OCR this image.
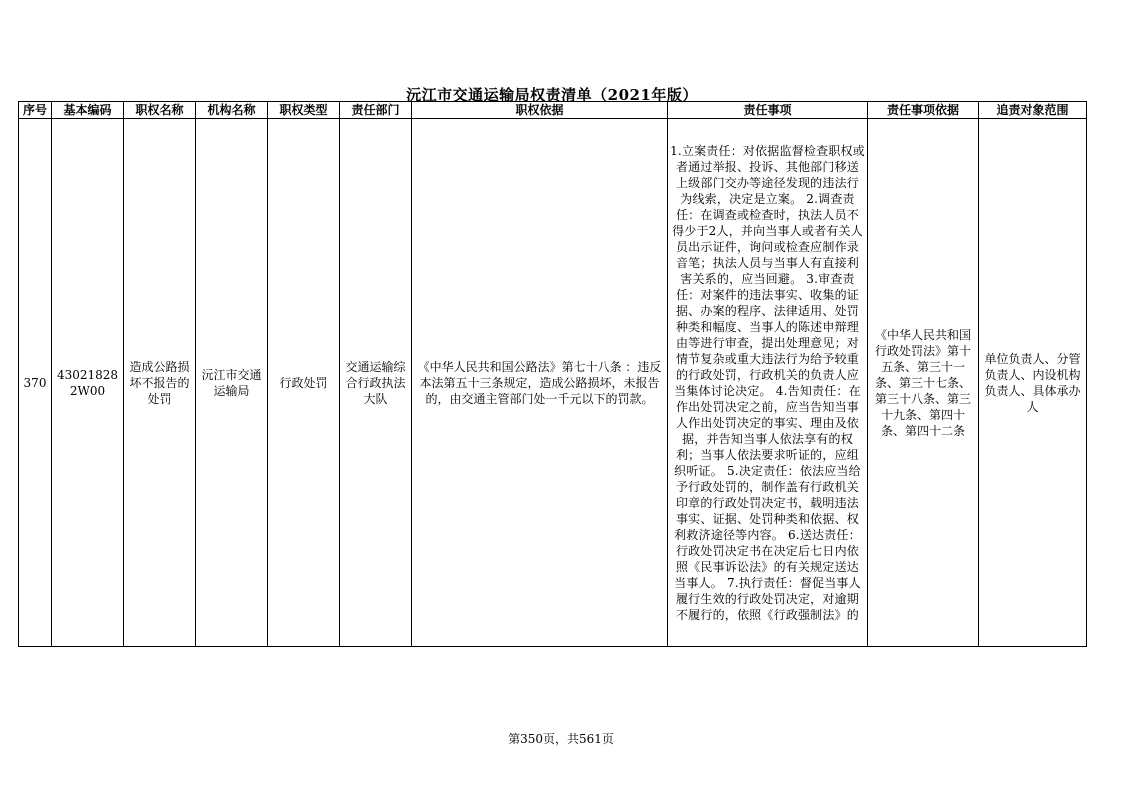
沅江市交通运输局权责清单（2021年版）
序号	基本编码	职权名称	机构名称	职权类型	责任部门	职权依据	责任事项	责任事项依据	追责对象范围
370	430218282W00	造成公路损坏不报告的处罚	沅江市交通运输局	行政处罚	交通运输综合行政执法大队	《中华人民共和国公路法》第七十八条 ：违反本法第五十三条规定，造成公路损坏，未报告的，由交通主管部门处一千元以下的罚款。	1.立案责任：对依据监督检查职权或者通过举报、投诉、其他部门移送上级部门交办等途径发现的违法行为线索，决定是立案。 2.调查责任：在调查或检查时，执法人员不得少于2人，并向当事人或者有关人员出示证件，询问或检查应制作录音笔；执法人员与当事人有直接利害关系的，应当回避。 3.审查责任：对案件的违法事实、收集的证据、办案的程序、法律适用、处罚种类和幅度、当事人的陈述申辩理由等进行审查，提出处理意见；对情节复杂或重大违法行为给予较重的行政处罚，行政机关的负责人应当集体讨论决定。 4.告知责任：在作出处罚决定之前，应当告知当事人作出处罚决定的事实、理由及依据，并告知当事人依法享有的权利；当事人依法要求听证的，应组织听证。 5.决定责任：依法应当给予行政处罚的，制作盖有行政机关印章的行政处罚决定书，载明违法事实、证据、处罚种类和依据、权利救济途径等内容。 6.送达责任：行政处罚决定书在决定后七日内依照《民事诉讼法》的有关规定送达当事人。 7.执行责任：督促当事人履行生效的行政处罚决定，对逾期不履行的，依照《行政强制法》的	《中华人民共和国行政处罚法》第十五条、第三十一条、第三十七条、第三十八条、第三十九条、第四十条、第四十二条	单位负责人、分管负责人、内设机构负责人、具体承办人
第350页，共561页
